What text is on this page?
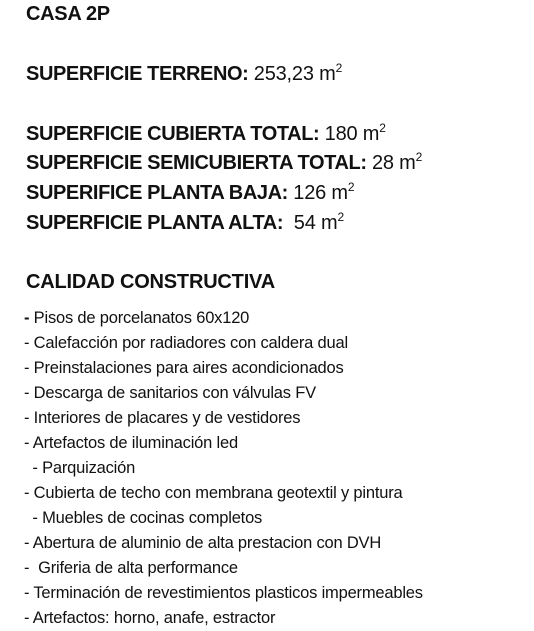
CASA 2P
SUPERFICIE TERRENO: 253,23 $m^2$
SUPERFICIE CUBIERTA TOTAL: 180 $m^2$
SUPERFICIE SEMICUBIERTA TOTAL: 28 $m^2$
SUPERIFICE PLANTA BAJA: 126 $m^2$
SUPERFICIE PLANTA ALTA:  54 $m^2$
CALIDAD CONSTRUCTIVA
- Pisos de porcelanatos 60x120
- Calefacción por radiadores con caldera dual
- Preinstalaciones para aires acondicionados
- Descarga de sanitarios con válvulas FV
- Interiores de placares y de vestidores
- Artefactos de iluminación led
- Parquización
- Cubierta de techo con membrana geotextil y pintura
- Muebles de cocinas completos
- Abertura de aluminio de alta prestacion con DVH
-  Griferia de alta performance
- Terminación de revestimientos plasticos impermeables
- Artefactos: horno, anafe, estractor
